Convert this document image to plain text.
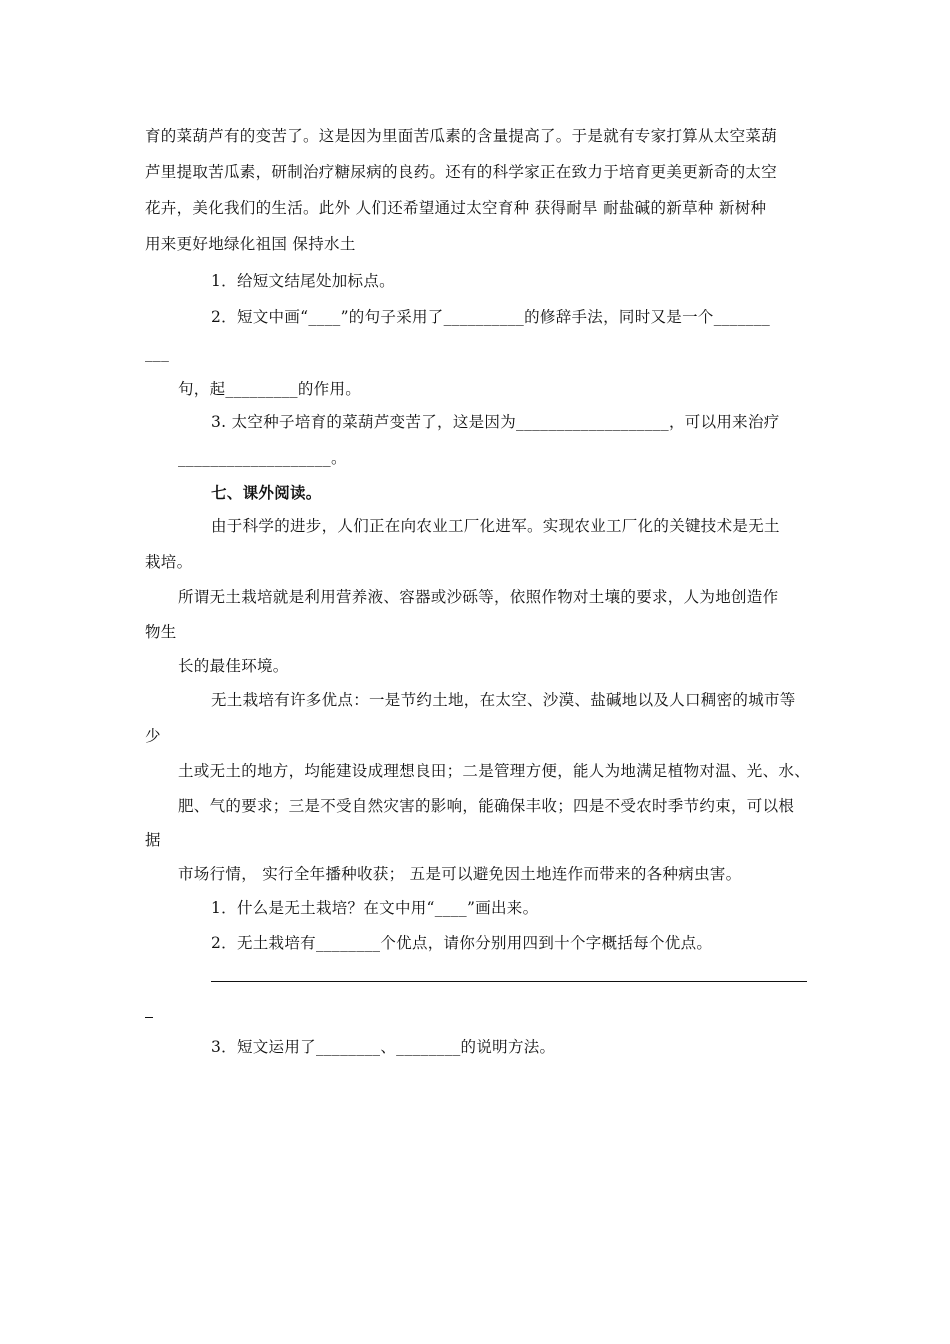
育的菜葫芦有的变苦了。这是因为里面苦瓜素的含量提高了。于是就有专家打算从太空菜葫
芦里提取苦瓜素，研制治疗糖尿病的良药。还有的科学家正在致力于培育更美更新奇的太空
花卉，美化我们的生活。此外 人们还希望通过太空育种 获得耐旱 耐盐碱的新草种 新树种
用来更好地绿化祖国 保持水土
1．给短文结尾处加标点。
2．短文中画“____”的句子采用了__________的修辞手法，同时又是一个_______
___
句，起_________的作用。
3. 太空种子培育的菜葫芦变苦了，这是因为___________________，可以用来治疗
___________________。
七、课外阅读。
由于科学的进步，人们正在向农业工厂化进军。实现农业工厂化的关键技术是无土
栽培。
所谓无土栽培就是利用营养液、容器或沙砾等，依照作物对土壤的要求，人为地创造作
物生
长的最佳环境。
无土栽培有许多优点：一是节约土地，在太空、沙漠、盐碱地以及人口稠密的城市等
少
土或无土的地方，均能建设成理想良田；二是管理方便，能人为地满足植物对温、光、水、
肥、气的要求；三是不受自然灾害的影响，能确保丰收；四是不受农时季节约束，可以根
据
市场行情， 实行全年播种收获； 五是可以避免因土地连作而带来的各种病虫害。
1．什么是无土栽培？在文中用“____”画出来。
2．无土栽培有________个优点，请你分别用四到十个字概括每个优点。
3．短文运用了________、________的说明方法。
